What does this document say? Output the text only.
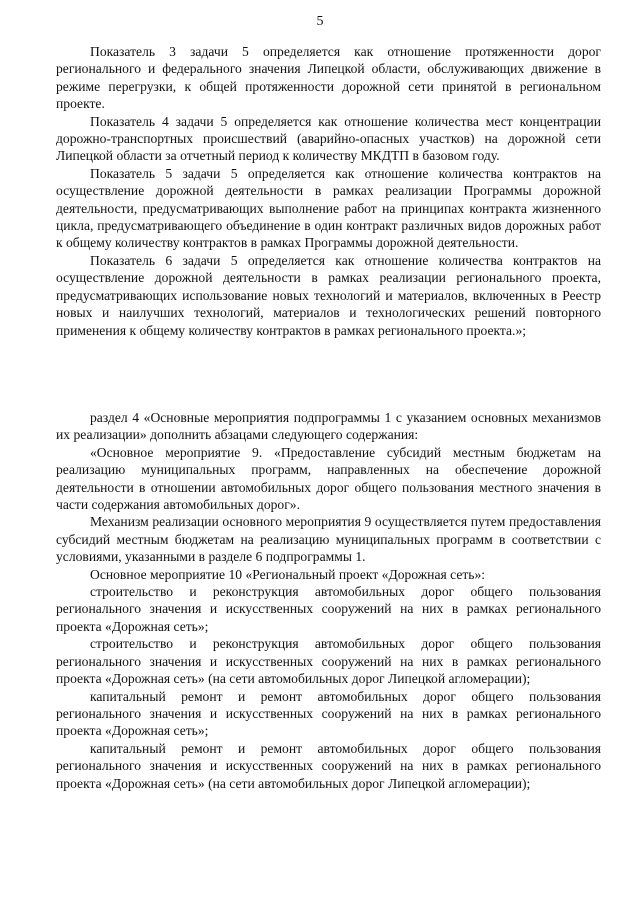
5

Показатель 3 задачи 5 определяется как отношение протяженности дорог регионального и федерального значения Липецкой области, обслуживающих движение в режиме перегрузки, к общей протяженности дорожной сети принятой в региональном проекте.

Показатель 4 задачи 5 определяется как отношение количества мест концентрации дорожно-транспортных происшествий (аварийно-опасных участков) на дорожной сети Липецкой области за отчетный период к количеству МКДТП в базовом году.

Показатель 5 задачи 5 определяется как отношение количества контрактов на осуществление дорожной деятельности в рамках реализации Программы дорожной деятельности, предусматривающих выполнение работ на принципах контракта жизненного цикла, предусматривающего объединение в один контракт различных видов дорожных работ к общему количеству контрактов в рамках Программы дорожной деятельности.

Показатель 6 задачи 5 определяется как отношение количества контрактов на осуществление дорожной деятельности в рамках реализации регионального проекта, предусматривающих использование новых технологий и материалов, включенных в Реестр новых и наилучших технологий, материалов и технологических решений повторного применения к общему количеству контрактов в рамках регионального проекта.»;

раздел 4 «Основные мероприятия подпрограммы 1 с указанием основных механизмов их реализации» дополнить абзацами следующего содержания:

«Основное мероприятие 9. «Предоставление субсидий местным бюджетам на реализацию муниципальных программ, направленных на обеспечение дорожной деятельности в отношении автомобильных дорог общего пользования местного значения в части содержания автомобильных дорог».

Механизм реализации основного мероприятия 9 осуществляется путем предоставления субсидий местным бюджетам на реализацию муниципальных программ в соответствии с условиями, указанными в разделе 6 подпрограммы 1.

Основное мероприятие 10 «Региональный проект «Дорожная сеть»:

строительство и реконструкция автомобильных дорог общего пользования регионального значения и искусственных сооружений на них в рамках регионального проекта «Дорожная сеть»;

строительство и реконструкция автомобильных дорог общего пользования регионального значения и искусственных сооружений на них в рамках регионального проекта «Дорожная сеть» (на сети автомобильных дорог Липецкой агломерации);

капитальный ремонт и ремонт автомобильных дорог общего пользования регионального значения и искусственных сооружений на них в рамках регионального проекта «Дорожная сеть»;

капитальный ремонт и ремонт автомобильных дорог общего пользования регионального значения и искусственных сооружений на них в рамках регионального проекта «Дорожная сеть» (на сети автомобильных дорог Липецкой агломерации);
